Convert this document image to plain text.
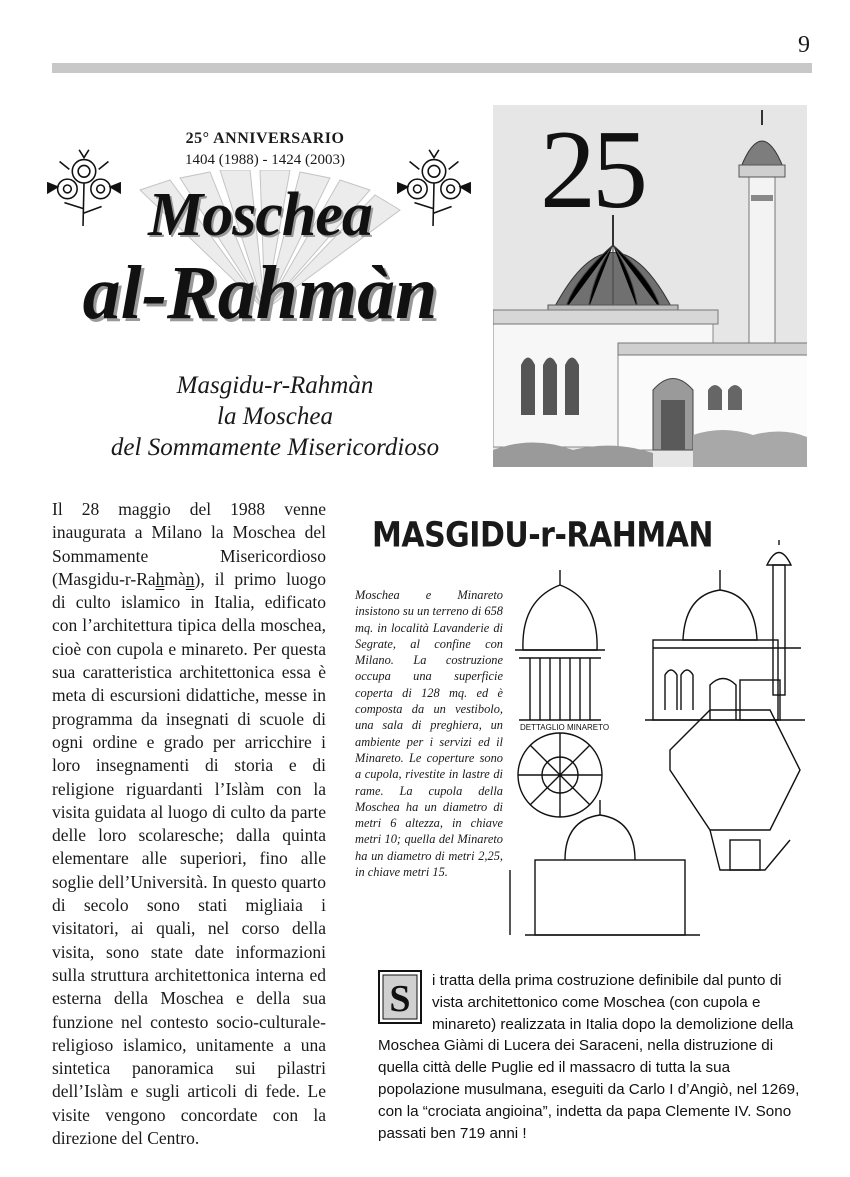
9
25° ANNIVERSARIO
1404 (1988) - 1424 (2003)
Moschea
al-Rahmàn
Masgidu-r-Rahmàn
la Moschea
del Sommamente Misericordioso
25
Il 28 maggio del 1988 venne inaugurata a Milano la Moschea del Sommamente Misericordioso (Masgidu-r-Rahmàn), il primo luogo di culto islamico in Italia, edificato con l’architettura tipica della moschea, cioè con cupola e minareto. Per questa sua caratteristica architettonica essa è meta di escursioni didattiche, messe in programma da insegnati di scuole di ogni ordine e grado per arricchire i loro insegnamenti di storia e di religione riguardanti l’Islàm con la visita guidata al luogo di culto da parte delle loro scolaresche; dalla quinta elementare alle superiori, fino alle soglie dell’Università. In questo quarto di secolo sono stati migliaia i visitatori, ai quali, nel corso della visita, sono state date informazioni sulla struttura architettonica interna ed esterna della Moschea e della sua funzione nel contesto socio-culturale-religioso islamico, unitamente a una sintetica panoramica sui pilastri dell’Islàm e sugli articoli di fede. Le visite vengono concordate con la direzione del Centro.
MASGIDU-r-RAHMAN
Moschea e Minareto insistono su un terreno di 658 mq. in località Lavanderie di Segrate, al confine con Milano. La costruzione occupa una superficie coperta di 128 mq. ed è composta da un vestibolo, una sala di preghiera, un ambiente per i servizi ed il Minareto. Le coperture sono a cupola, rivestite in lastre di rame. La cupola della Moschea ha un diametro di metri 6 altezza, in chiave metri 10; quella del Minareto ha un diametro di metri 2,25, in chiave metri 15.
DETTAGLIO MINARETO
S i tratta della prima costruzione definibile dal punto di vista architettonico come Moschea (con cupola e minareto) realizzata in Italia dopo la demolizione della Moschea Giàmi di Lucera dei Saraceni, nella distruzione di quella città delle Puglie ed il massacro di tutta la sua popolazione musulmana, eseguiti da Carlo I d’Angiò, nel 1269, con la “crociata angioina”, indetta da papa Clemente IV. Sono passati ben 719 anni !
